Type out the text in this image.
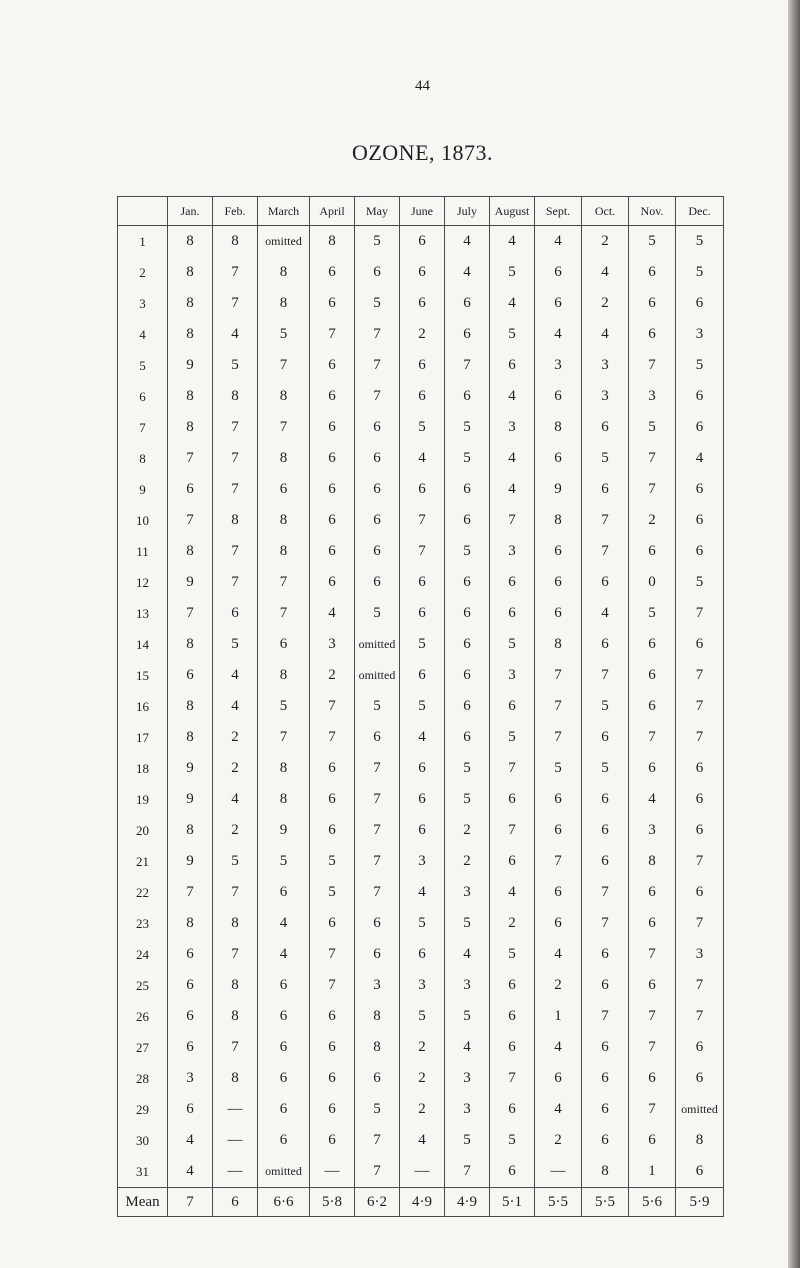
44
OZONE, 1873.
	Jan.	Feb.	March	April	May	June	July	August	Sept.	Oct.	Nov.	Dec.
1	8	8	omitted	8	5	6	4	4	4	2	5	5
2	8	7	8	6	6	6	4	5	6	4	6	5
3	8	7	8	6	5	6	6	4	6	2	6	6
4	8	4	5	7	7	2	6	5	4	4	6	3
5	9	5	7	6	7	6	7	6	3	3	7	5
6	8	8	8	6	7	6	6	4	6	3	3	6
7	8	7	7	6	6	5	5	3	8	6	5	6
8	7	7	8	6	6	4	5	4	6	5	7	4
9	6	7	6	6	6	6	6	4	9	6	7	6
10	7	8	8	6	6	7	6	7	8	7	2	6
11	8	7	8	6	6	7	5	3	6	7	6	6
12	9	7	7	6	6	6	6	6	6	6	0	5
13	7	6	7	4	5	6	6	6	6	4	5	7
14	8	5	6	3	omitted	5	6	5	8	6	6	6
15	6	4	8	2	omitted	6	6	3	7	7	6	7
16	8	4	5	7	5	5	6	6	7	5	6	7
17	8	2	7	7	6	4	6	5	7	6	7	7
18	9	2	8	6	7	6	5	7	5	5	6	6
19	9	4	8	6	7	6	5	6	6	6	4	6
20	8	2	9	6	7	6	2	7	6	6	3	6
21	9	5	5	5	7	3	2	6	7	6	8	7
22	7	7	6	5	7	4	3	4	6	7	6	6
23	8	8	4	6	6	5	5	2	6	7	6	7
24	6	7	4	7	6	6	4	5	4	6	7	3
25	6	8	6	7	3	3	3	6	2	6	6	7
26	6	8	6	6	8	5	5	6	1	7	7	7
27	6	7	6	6	8	2	4	6	4	6	7	6
28	3	8	6	6	6	2	3	7	6	6	6	6
29	6	—	6	6	5	2	3	6	4	6	7	omitted
30	4	—	6	6	7	4	5	5	2	6	6	8
31	4	—	omitted	—	7	—	7	6	—	8	1	6
Mean	7	6	6·6	5·8	6·2	4·9	4·9	5·1	5·5	5·5	5·6	5·9
